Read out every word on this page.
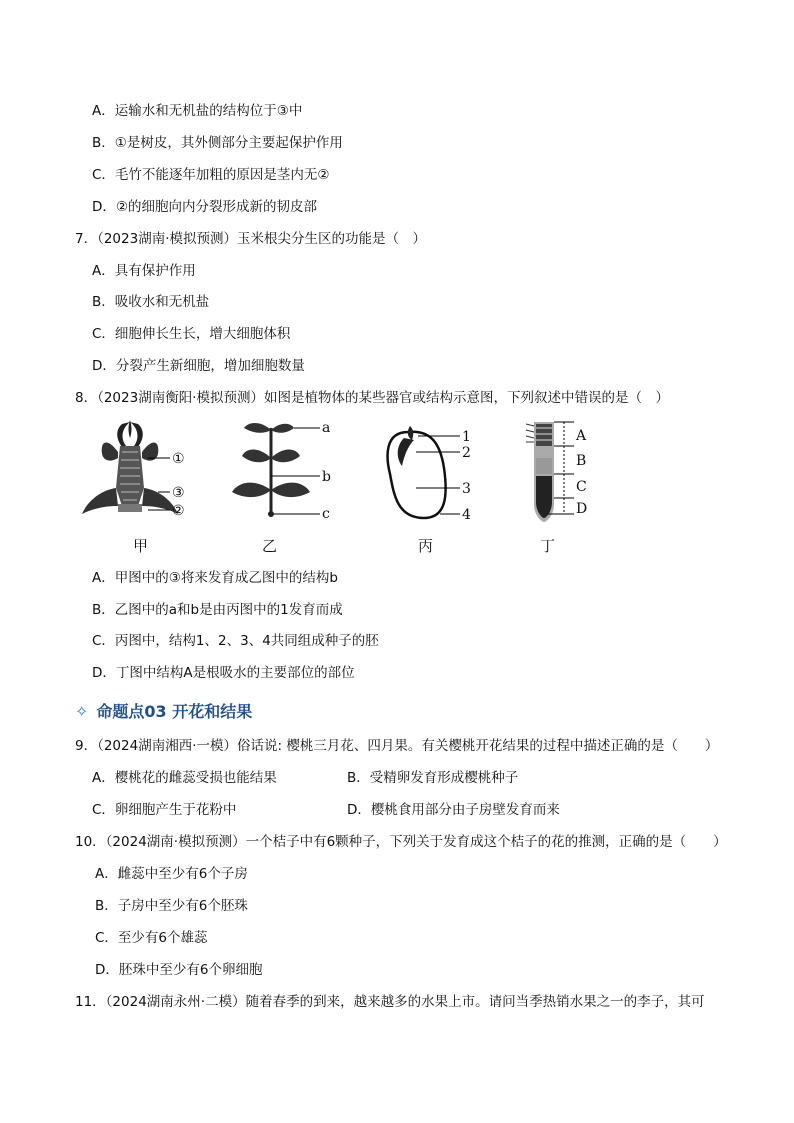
A．运输水和无机盐的结构位于③中
B．①是树皮，其外侧部分主要起保护作用
C．毛竹不能逐年加粗的原因是茎内无②
D．②的细胞向内分裂形成新的韧皮部
7．（2023湖南·模拟预测）玉米根尖分生区的功能是（　）
A．具有保护作用
B．吸收水和无机盐
C．细胞伸长生长，增大细胞体积
D．分裂产生新细胞，增加细胞数量
8．（2023湖南衡阳·模拟预测）如图是植物体的某些器官或结构示意图，下列叙述中错误的是（　）
①
③
②
a
b
c
1
2
3
4
A
B
C
D
甲	乙	丙	丁
A．甲图中的③将来发育成乙图中的结构b
B．乙图中的a和b是由丙图中的1发育而成
C．丙图中，结构1、2、3、4共同组成种子的胚
D．丁图中结构A是根吸水的主要部位的部位
✧ 命题点03 开花和结果
9．（2024湖南湘西·一模）俗话说: 樱桃三月花、四月果。有关樱桃开花结果的过程中描述正确的是（　　）
A．樱桃花的雌蕊受损也能结果	B．受精卵发育形成樱桃种子
C．卵细胞产生于花粉中	D．樱桃食用部分由子房壁发育而来
10．（2024湖南·模拟预测）一个桔子中有6颗种子，下列关于发育成这个桔子的花的推测，正确的是（　　）
A．雌蕊中至少有6个子房
B．子房中至少有6个胚珠
C．至少有6个雄蕊
D．胚珠中至少有6个卵细胞
11．（2024湖南永州·二模）随着春季的到来，越来越多的水果上市。请问当季热销水果之一的李子，其可
